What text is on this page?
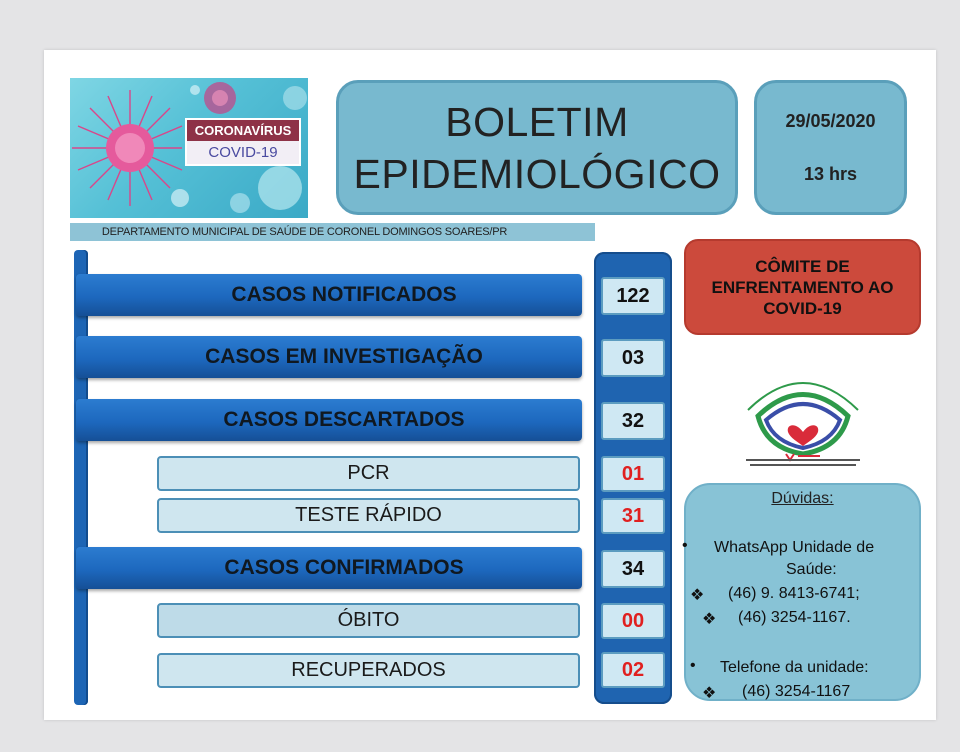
CORONAVÍRUS
COVID-19
BOLETIM
EPIDEMIOLÓGICO
29/05/2020
13 hrs
DEPARTAMENTO MUNICIPAL DE SAÚDE DE CORONEL DOMINGOS SOARES/PR
CASOS NOTIFICADOS
CASOS EM INVESTIGAÇÃO
CASOS DESCARTADOS
CASOS CONFIRMADOS
PCR
TESTE RÁPIDO
ÓBITO
RECUPERADOS
122
03
32
01
31
34
00
02
CÔMITE DE
ENFRENTAMENTO AO
COVID-19
Dúvidas:
• WhatsApp Unidade de
Saúde:
❖ (46) 9. 8413-6741;
❖ (46) 3254-1167.
• Telefone da unidade:
❖ (46) 3254-1167
